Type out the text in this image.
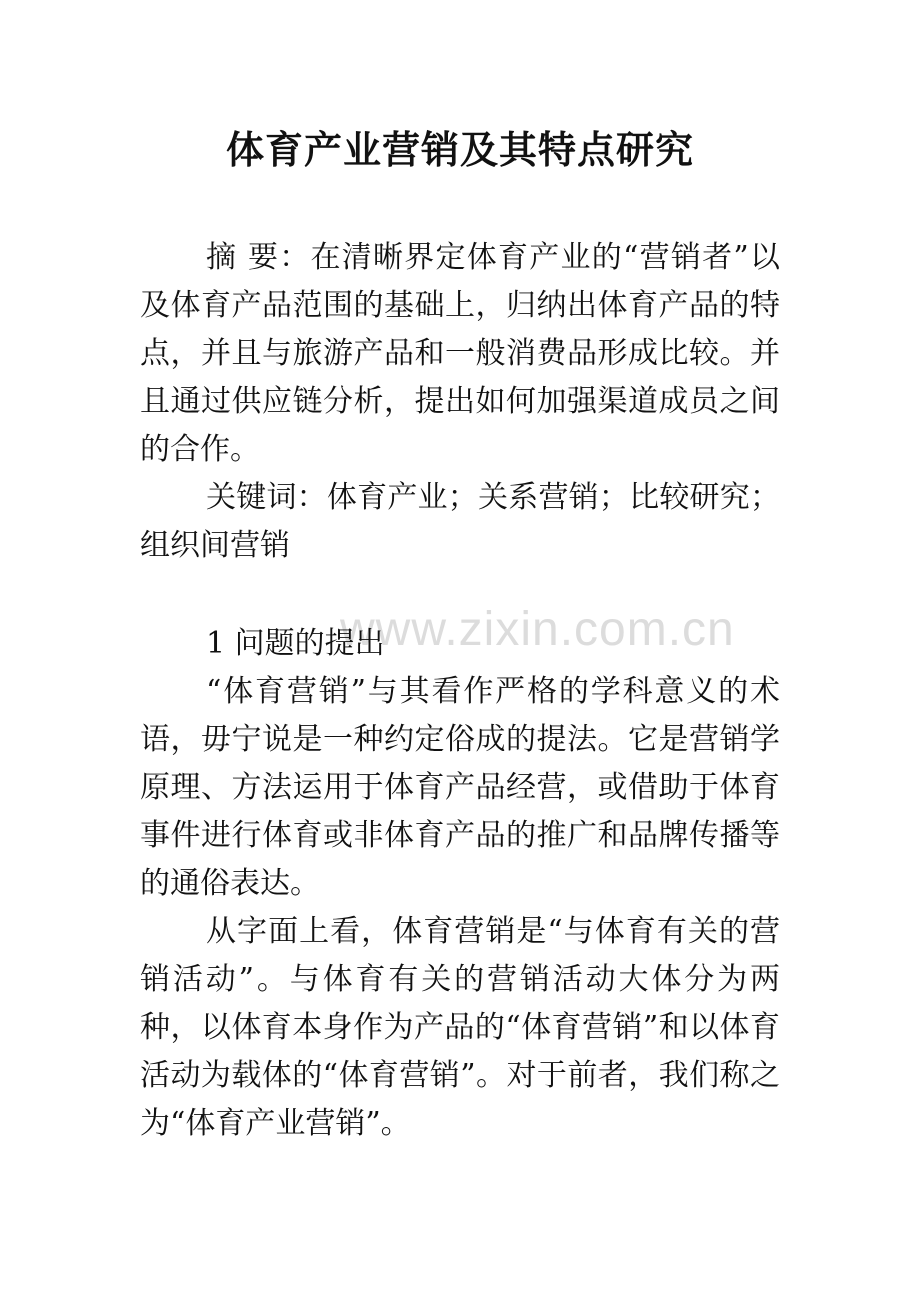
www.zixin.com.cn
体育产业营销及其特点研究

摘 要：在清晰界定体育产业的“营销者”以及体育产品范围的基础上，归纳出体育产品的特点，并且与旅游产品和一般消费品形成比较。并且通过供应链分析，提出如何加强渠道成员之间的合作。

关键词：体育产业；关系营销；比较研究；组织间营销

1 问题的提出

“体育营销”与其看作严格的学科意义的术语，毋宁说是一种约定俗成的提法。它是营销学原理、方法运用于体育产品经营，或借助于体育事件进行体育或非体育产品的推广和品牌传播等的通俗表达。

从字面上看，体育营销是“与体育有关的营销活动”。与体育有关的营销活动大体分为两种，以体育本身作为产品的“体育营销”和以体育活动为载体的“体育营销”。对于前者，我们称之为“体育产业营销”。
